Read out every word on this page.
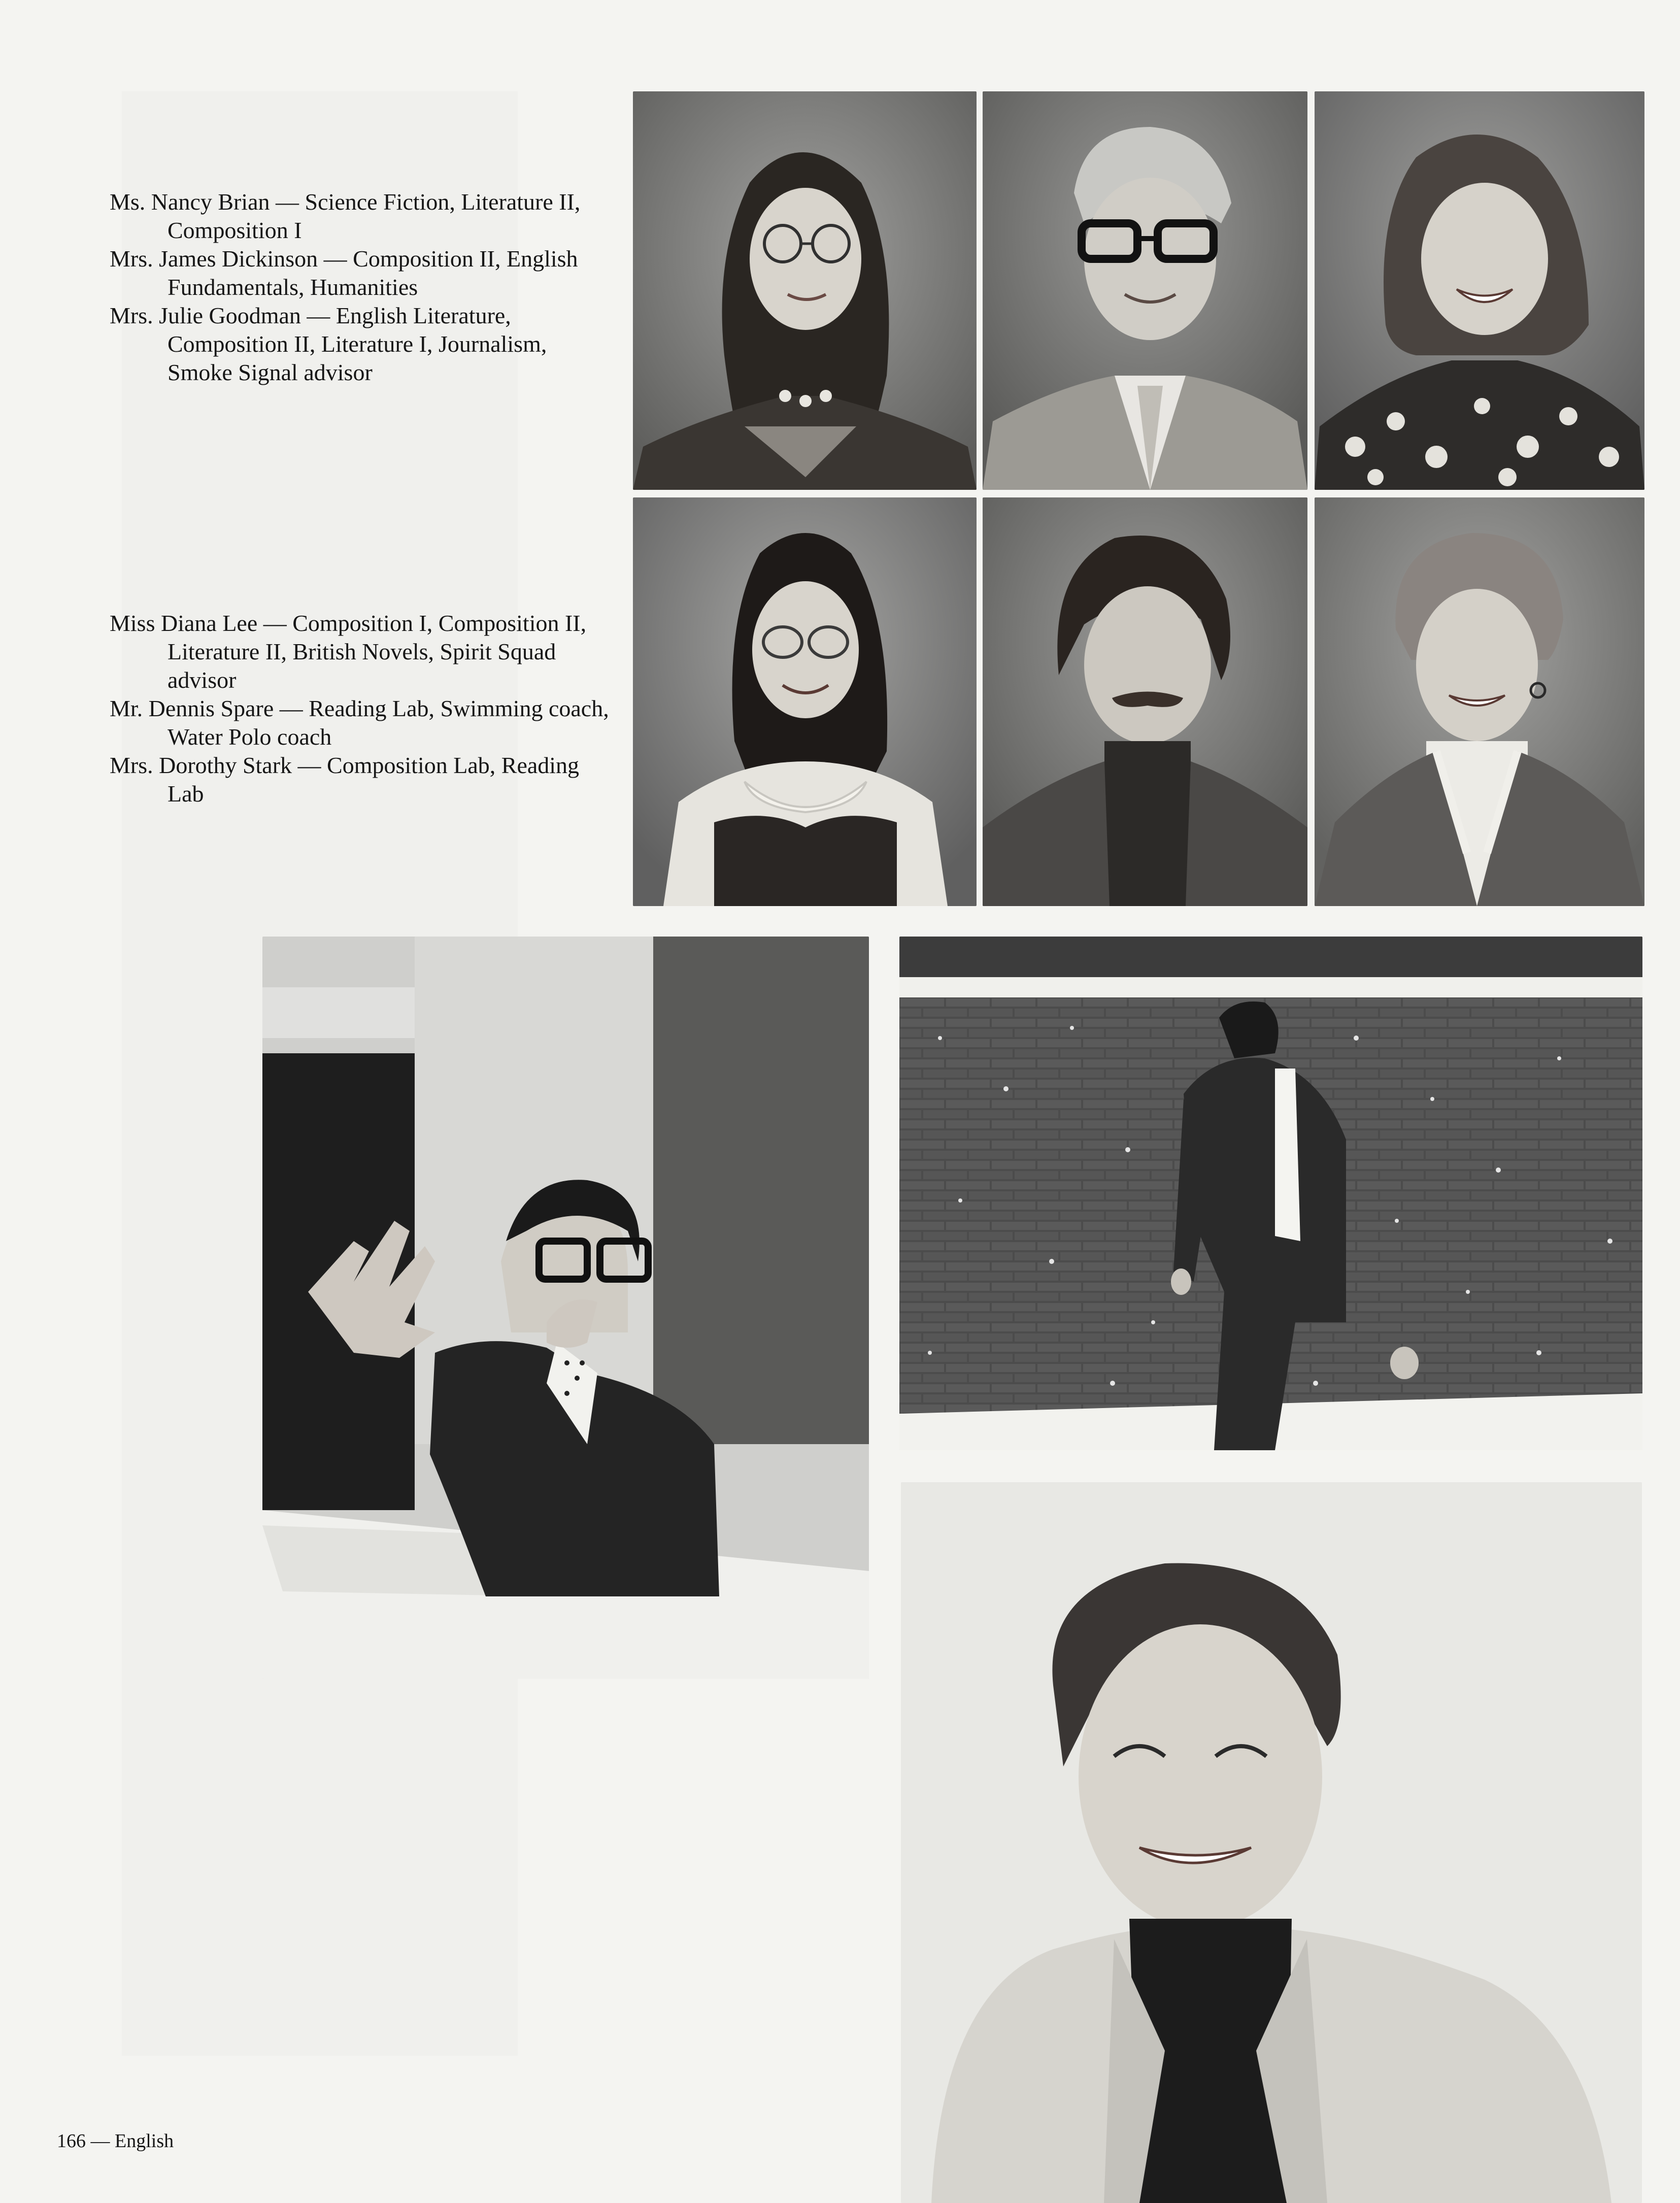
Ms. Nancy Brian — Science Fiction, Literature II, Composition I

Mrs. James Dickinson — Composition II, English Fundamentals, Humanities

Mrs. Julie Goodman — English Literature, Composition II, Literature I, Journalism, Smoke Signal advisor

Miss Diana Lee — Composition I, Composition II, Literature II, British Novels, Spirit Squad advisor

Mr. Dennis Spare — Reading Lab, Swimming coach, Water Polo coach

Mrs. Dorothy Stark — Composition Lab, Reading Lab

166 — English
